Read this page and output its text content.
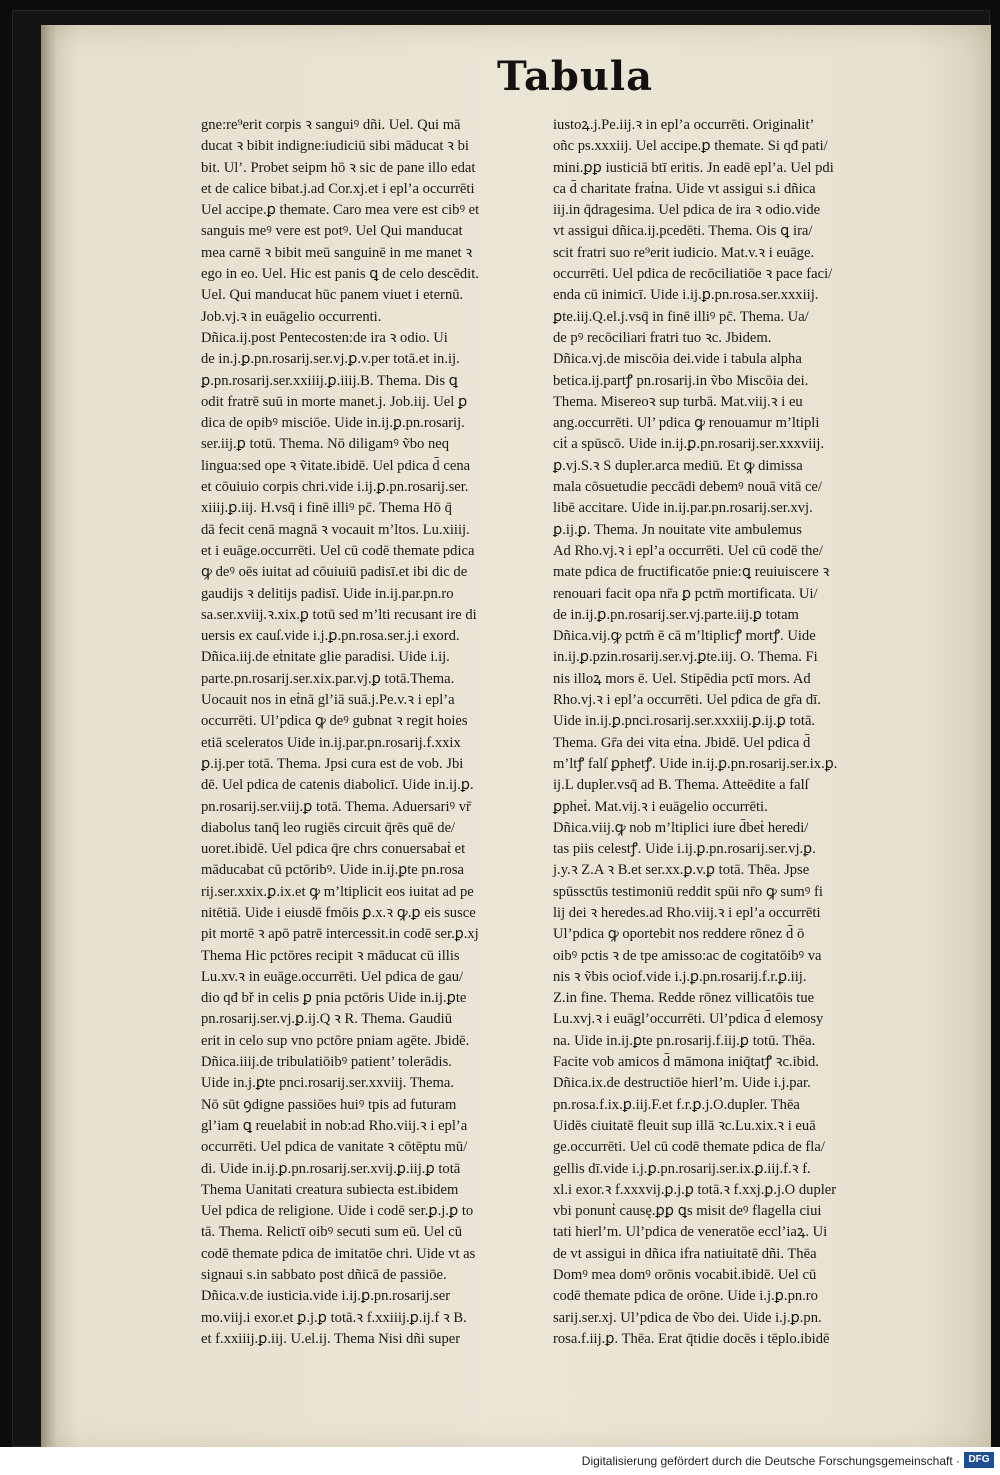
Tabula

gne:re⁹erit corpis ꝛ sanguiꝰ dñi. Uel. Qui mā
ducat ꝛ bibit indigne:iudiciū sibi māducat ꝛ bi
bit. Ul’. Probet seipm hō ꝛ sic de pane illo edat
et de calice bibat.j.ad Cor.xj.et i epl’a occurrēti
Uel accipe.ꝑ themate. Caro mea vere est cibꝰ et
sanguis meꝰ vere est potꝰ. Uel Qui manducat
mea carnē ꝛ bibit meū sanguinē in me manet ꝛ
ego in eo. Uel. Hic est panis ꝗ de celo descēdit.
Uel. Qui manducat hūc panem viuet i eternū.
Job.vj.ꝛ in euāgelio occurrenti.
Dñica.ij.post Pentecosten:de ira ꝛ odio. Ui
de in.j.ꝑ.pn.rosarij.ser.vj.ꝑ.v.per totā.et in.ij.
ꝑ.pn.rosarij.ser.xxiiij.ꝑ.iiij.B. Thema. Dis ꝗ
odit fratrē suū in morte manet.j. Job.iij. Uel ꝑ
dica de opibꝰ misciōe. Uide in.ij.ꝑ.pn.rosarij.
ser.iij.ꝑ totū. Thema. Nō diligamꝰ ṽbo neq
lingua:sed ope ꝛ ṽitate.ibidē. Uel pdica d̄ cena
et cōuiuio corpis chri.vide i.ij.ꝑ.pn.rosarij.ser.
xiiij.ꝑ.iij. H.vsq̄ i finē illiꝰ pc̄. Thema Hō q̄
dā fecit cenā magnā ꝛ vocauit m’ltos. Lu.xiiij.
et i euāge.occurrēti. Uel cū codē themate pdica
ꝙ deꝰ oēs iuitat ad cōuiuiū padisī.et ibi dic de
gaudijs ꝛ delitijs padisī. Uide in.ij.par.pn.ro
sa.ser.xviij.ꝛ.xix.ꝑ totū sed m’lti recusant ire di
uersis ex cauſ.vide i.j.ꝑ.pn.rosa.ser.j.i exord.
Dñica.iij.de eṫnitate glie paradisi. Uide i.ij.
parte.pn.rosarij.ser.xix.par.vj.ꝑ totā.Thema.
Uocauit nos in eṫnā gl’iā suā.j.Pe.v.ꝛ i epl’a
occurrēti. Ul’pdica ꝙ deꝰ gubnat ꝛ regit hoies
etiā sceleratos Uide in.ij.par.pn.rosarij.f.xxix
ꝑ.ij.per totā. Thema. Jpsi cura est de vob. Jbi
dē. Uel pdica de catenis diabolicī. Uide in.ij.ꝑ.
pn.rosarij.ser.viij.ꝑ totā. Thema. Aduersariꝰ vr̄
diabolus tanq̄ leo rugiēs circuit q̄rēs quē de/
uoret.ibidē. Uel pdica q̄re chrs conuersabaṫ et
māducabat cū pctōribꝰ. Uide in.ij.ꝑte pn.rosa
rij.ser.xxix.ꝑ.ix.et ꝙ m’ltiplicit eos iuitat ad pe
nitētiā. Uide i eiusdē fmōis ꝑ.x.ꝛ ꝙ.ꝑ eis susce
pit mortē ꝛ apō patrē intercessit.in codē ser.ꝑ.xj
Thema Hic pctōres recipit ꝛ māducat cū illis
Lu.xv.ꝛ in euāge.occurrēti. Uel pdica de gau/
dio qđ bř in celis ꝑ pnia pctōris Uide in.ij.ꝑte
pn.rosarij.ser.vj.ꝑ.ij.Q ꝛ R. Thema. Gaudiū
erit in celo sup vno pctōre pniam agēte. Jbidē.
Dñica.iiij.de tribulatiōibꝰ patient’ tolerādis.
Uide in.j.ꝑte pnci.rosarij.ser.xxviij. Thema.
Nō sūt ꝯdigne passiōes huiꝰ tpis ad futuram
gl’iam ꝗ reuelabiṫ in nob:ad Rho.viij.ꝛ i epl’a
occurrēti. Uel pdica de vanitate ꝛ cōtēptu mū/
di. Uide in.ij.ꝑ.pn.rosarij.ser.xvij.ꝑ.iij.ꝑ totā
Thema Uanitati creatura subiecta est.ibidem
Uel pdica de religione. Uide i codē ser.ꝑ.j.ꝑ to
tā. Thema. Relictī oibꝰ secuti sum eū. Uel cū
codē themate pdica de imitatōe chri. Uide vt as
signaui s.in sabbato post dñicā de passiōe.
Dñica.v.de iusticia.vide i.ij.ꝑ.pn.rosarij.ser
mo.viij.i exor.et ꝑ.j.ꝑ totā.ꝛ f.xxiiij.ꝑ.ij.f ꝛ B.
et f.xxiiij.ꝑ.iij. U.el.ij. Thema Nisi dñi super

iustoꝝ.j.Pe.iij.ꝛ in epl’a occurrēti. Originalit’
oñc ps.xxxiij. Uel accipe.ꝑ themate. Si qđ pati/
mini.ꝑꝑ iusticiā btī eritis. Jn eadē epl’a. Uel pdi
ca d̄ charitate fraṫna. Uide vt assigui s.i dñica
iij.in q̄dragesima. Uel pdica de ira ꝛ odio.vide
vt assigui dñica.ij.pcedēti. Thema. Ois ꝗ ira/
scit fratri suo re⁹erit iudicio. Mat.v.ꝛ i euāge.
occurrēti. Uel pdica de recōciliatiōe ꝛ pace faci/
enda cū inimicī. Uide i.ij.ꝑ.pn.rosa.ser.xxxiij.
ꝑte.iij.Q.el.j.vsq̄ in finē illiꝰ pc̄. Thema. Ua/
de pꝰ recōciliari fratri tuo ꝛc. Jbidem.
Dñica.vj.de miscōia dei.vide i tabula alpha
betica.ij.partꝭ pn.rosarij.in ṽbo Miscōia dei.
Thema. Misereoꝛ sup turbā. Mat.viij.ꝛ i eu
ang.occurrēti. Ul’ pdica ꝙ renouamur m’ltipli
ciṫ a spūscō. Uide in.ij.ꝑ.pn.rosarij.ser.xxxviij.
ꝑ.vj.S.ꝛ S dupler.arca mediū. Et ꝙ dimissa
mala cōsuetudie peccādi debemꝰ nouā vitā ce/
libē accitare. Uide in.ij.par.pn.rosarij.ser.xvj.
ꝑ.ij.ꝑ. Thema. Jn nouitate vite ambulemus
Ad Rho.vj.ꝛ i epl’a occurrēti. Uel cū codē the/
mate pdica de fructificatōe pnie:ꝗ reuiuiscere ꝛ
renouari facit opa nr̄a ꝑ pctm̄ mortificata. Ui/
de in.ij.ꝑ.pn.rosarij.ser.vj.parte.iij.ꝑ totam
Dñica.vij.ꝙ pctm̄ ē cā m’ltiplicꝭ mortꝭ. Uide
in.ij.ꝑ.pzin.rosarij.ser.vj.ꝑte.iij. O. Thema. Fi
nis illoꝝ mors ē. Uel. Stipēdia pctī mors. Ad
Rho.vj.ꝛ i epl’a occurrēti. Uel pdica de gr̄a dī.
Uide in.ij.ꝑ.pnci.rosarij.ser.xxxiij.ꝑ.ij.ꝑ totā.
Thema. Gr̄a dei vita eṫna. Jbidē. Uel pdica d̄
m’ltꝭ falſ ꝑphetꝭ. Uide in.ij.ꝑ.pn.rosarij.ser.ix.ꝑ.
ij.L dupler.vsq̄ ad B. Thema. Atteēdite a falſ
ꝑpheṫ. Mat.vij.ꝛ i euāgelio occurrēti.
Dñica.viij.ꝙ nob m’ltiplici iure d̄beṫ heredi/
tas piis celestꝭ. Uide i.ij.ꝑ.pn.rosarij.ser.vj.ꝑ.
j.y.ꝛ Z.A ꝛ B.et ser.xx.ꝑ.v.ꝑ totā. Thēa. Jpse
spūssctūs testimoniū reddit spūi nr̄o ꝙ sumꝰ fi
lij dei ꝛ heredes.ad Rho.viij.ꝛ i epl’a occurrēti
Ul’pdica ꝙ oportebit nos reddere rōnez d̄ ō
oibꝰ pctis ꝛ de tpe amisso:ac de cogitatōibꝰ va
nis ꝛ ṽbis ociof.vide i.j.ꝑ.pn.rosarij.f.r.ꝑ.iij.
Z.in fine. Thema. Redde rōnez villicatōis tue
Lu.xvj.ꝛ i euāgl’occurrēti. Ul’pdica d̄ elemosy
na. Uide in.ij.ꝑte pn.rosarij.f.iij.ꝑ totū. Thēa.
Facite vob amicos d̄ māmona iniq̄tatꝭ ꝛc.ibid.
Dñica.ix.de destructiōe hierl’m. Uide i.j.par.
pn.rosa.f.ix.ꝑ.iij.F.et f.r.ꝑ.j.O.dupler. Thēa
Uidēs ciuitatē fleuit sup illā ꝛc.Lu.xix.ꝛ i euā
ge.occurrēti. Uel cū codē themate pdica de fla/
gellis dī.vide i.j.ꝑ.pn.rosarij.ser.ix.ꝑ.iij.f.ꝛ f.
xl.i exor.ꝛ f.xxxvij.ꝑ.j.ꝑ totā.ꝛ f.xxj.ꝑ.j.O dupler
vbi ponunṫ causę.ꝑꝑ ꝗs misit deꝰ flagella ciui
tati hierl’m. Ul’pdica de veneratōe eccl’iaꝝ. Ui
de vt assigui in dñica ifra natiuitatē dñi. Thēa
Domꝰ mea domꝰ orōnis vocabiṫ.ibidē. Uel cū
codē themate pdica de orōne. Uide i.j.ꝑ.pn.ro
sarij.ser.xj. Ul’pdica de ṽbo dei. Uide i.j.ꝑ.pn.
rosa.f.iij.ꝑ. Thēa. Erat q̄tidie docēs i tēplo.ibidē

Digitalisierung gefördert durch die Deutsche Forschungsgemeinschaft · DFG
